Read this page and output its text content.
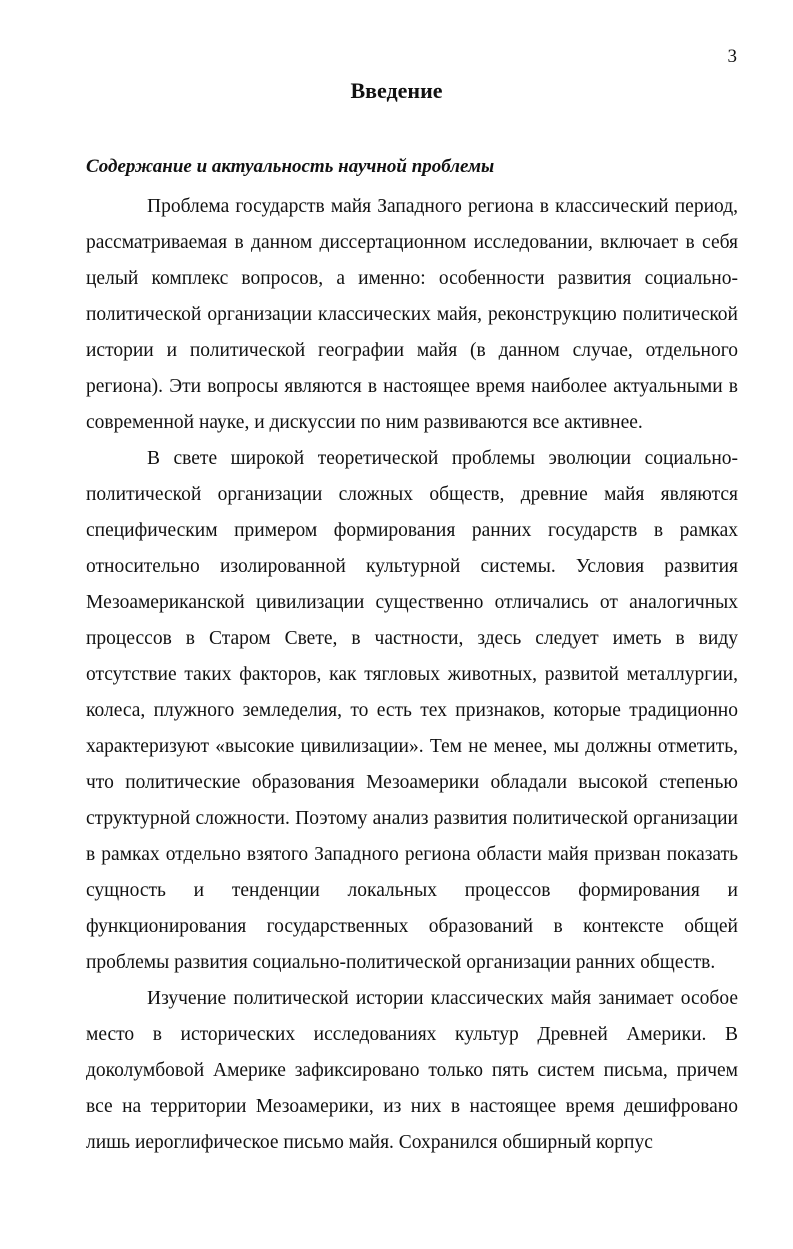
3
Введение
Содержание и актуальность научной проблемы

Проблема государств майя Западного региона в классический период, рассматриваемая в данном диссертационном исследовании, включает в себя целый комплекс вопросов, а именно: особенности развития социально-политической организации классических майя, реконструкцию политической истории и политической географии майя (в данном случае, отдельного региона). Эти вопросы являются в настоящее время наиболее актуальными в современной науке, и дискуссии по ним развиваются все активнее.

В свете широкой теоретической проблемы эволюции социально-политической организации сложных обществ, древние майя являются специфическим примером формирования ранних государств в рамках относительно изолированной культурной системы. Условия развития Мезоамериканской цивилизации существенно отличались от аналогичных процессов в Старом Свете, в частности, здесь следует иметь в виду отсутствие таких факторов, как тягловых животных, развитой металлургии, колеса, плужного земледелия, то есть тех признаков, которые традиционно характеризуют «высокие цивилизации». Тем не менее, мы должны отметить, что политические образования Мезоамерики обладали высокой степенью структурной сложности. Поэтому анализ развития политической организации в рамках отдельно взятого Западного региона области майя призван показать сущность и тенденции локальных процессов формирования и функционирования государственных образований в контексте общей проблемы развития социально-политической организации ранних обществ.

Изучение политической истории классических майя занимает особое место в исторических исследованиях культур Древней Америки. В доколумбовой Америке зафиксировано только пять систем письма, причем все на территории Мезоамерики, из них в настоящее время дешифровано лишь иероглифическое письмо майя. Сохранился обширный корпус
